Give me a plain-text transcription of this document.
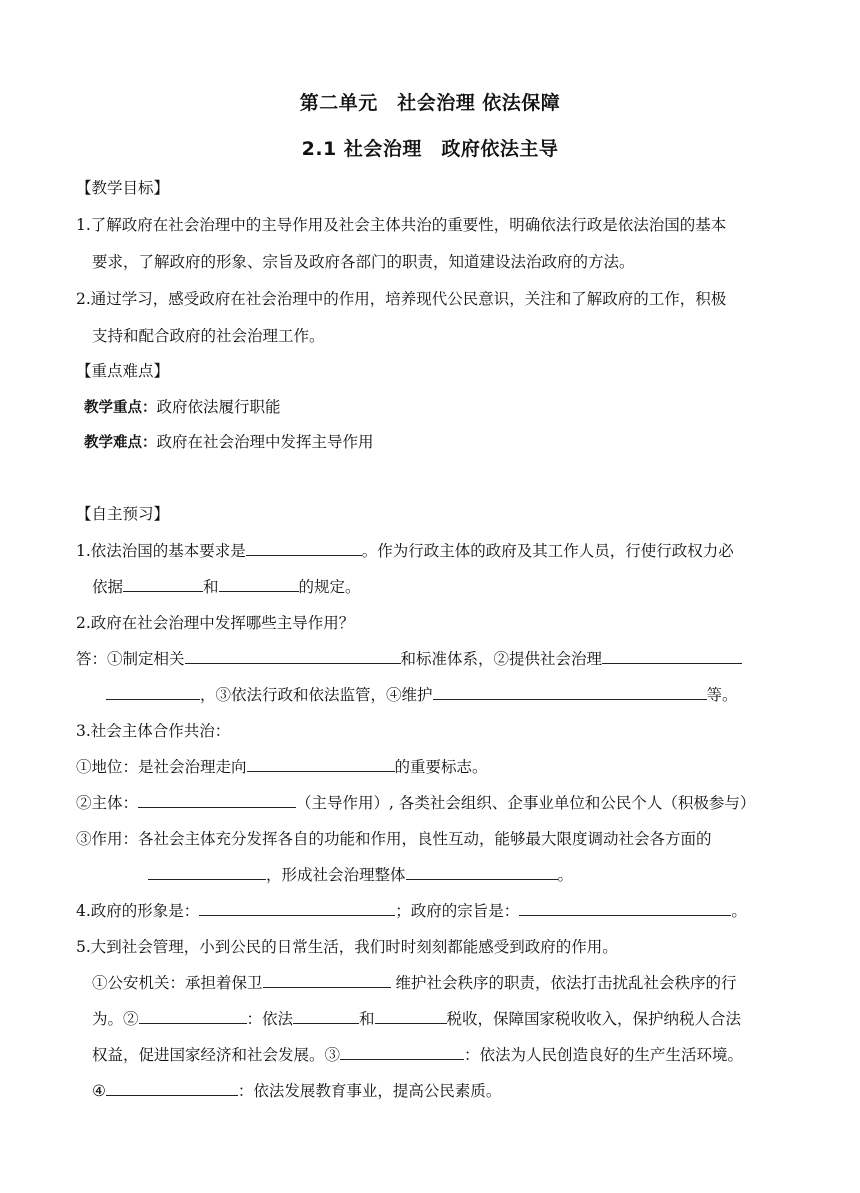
第二单元　社会治理 依法保障
2.1 社会治理　政府依法主导
【教学目标】
1.了解政府在社会治理中的主导作用及社会主体共治的重要性，明确依法行政是依法治国的基本
要求，了解政府的形象、宗旨及政府各部门的职责，知道建设法治政府的方法。
2.通过学习，感受政府在社会治理中的作用，培养现代公民意识，关注和了解政府的工作，积极
支持和配合政府的社会治理工作。
【重点难点】
教学重点：政府依法履行职能
教学难点：政府在社会治理中发挥主导作用
【自主预习】
1.依法治国的基本要求是	。作为行政主体的政府及其工作人员，行使行政权力必
依据	和	的规定。
2.政府在社会治理中发挥哪些主导作用？
答：①制定相关	和标准体系，②提供社会治理
，③依法行政和依法监管，④维护	等。
3.社会主体合作共治：
①地位：是社会治理走向	的重要标志。
②主体：	（主导作用）, 各类社会组织、企事业单位和公民个人（积极参与）
③作用：各社会主体充分发挥各自的功能和作用，良性互动，能够最大限度调动社会各方面的
，形成社会治理整体	。
4.政府的形象是：	；政府的宗旨是：	。
5.大到社会管理，小到公民的日常生活，我们时时刻刻都能感受到政府的作用。
①公安机关：承担着保卫	维护社会秩序的职责，依法打击扰乱社会秩序的行
为。②	：依法	和	税收，保障国家税收收入，保护纳税人合法
权益，促进国家经济和社会发展。③	：依法为人民创造良好的生产生活环境。
④	：依法发展教育事业，提高公民素质。
